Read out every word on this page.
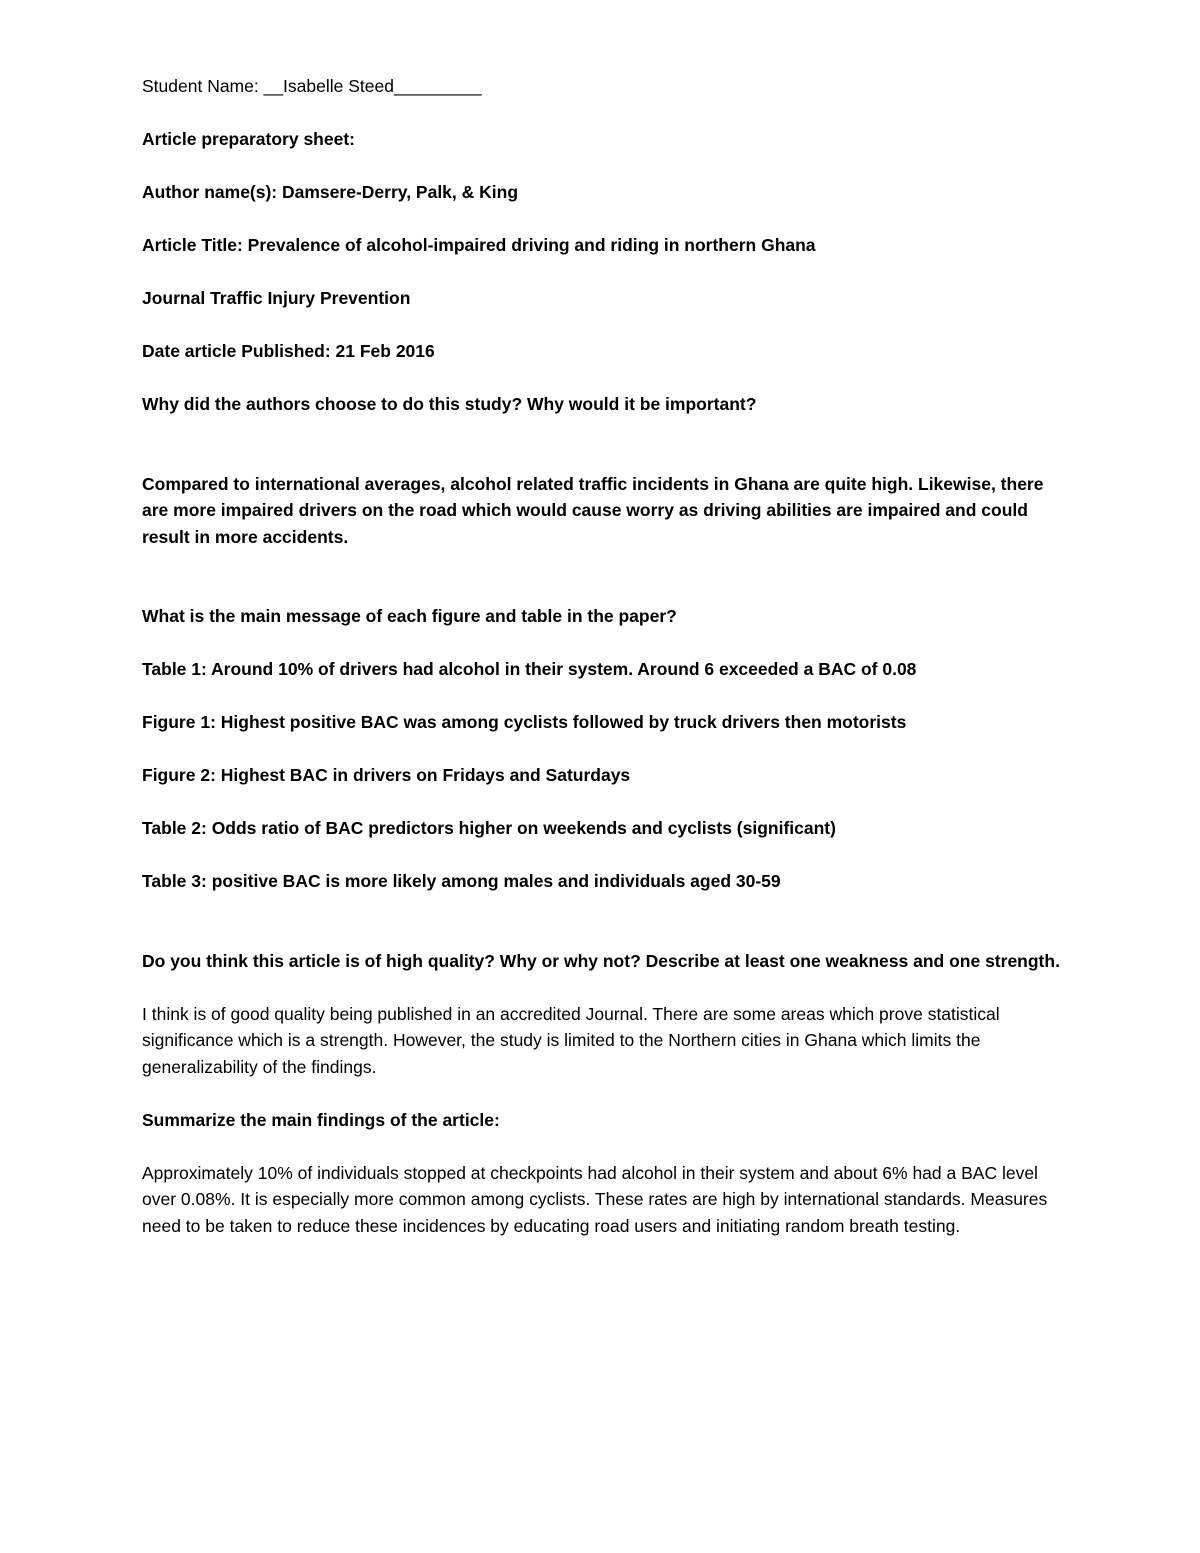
Student Name: __Isabelle Steed_________

Article preparatory sheet:

Author name(s): Damsere-Derry, Palk, & King

Article Title: Prevalence of alcohol-impaired driving and riding in northern Ghana

Journal Traffic Injury Prevention

Date article Published: 21 Feb 2016

Why did the authors choose to do this study? Why would it be important?

Compared to international averages, alcohol related traffic incidents in Ghana are quite high. Likewise, there are more impaired drivers on the road which would cause worry as driving abilities are impaired and could result in more accidents.

What is the main message of each figure and table in the paper?

Table 1: Around 10% of drivers had alcohol in their system. Around 6 exceeded a BAC of 0.08

Figure 1: Highest positive BAC was among cyclists followed by truck drivers then motorists

Figure 2: Highest BAC in drivers on Fridays and Saturdays

Table 2: Odds ratio of BAC predictors higher on weekends and cyclists (significant)

Table 3: positive BAC is more likely among males and individuals aged 30-59

Do you think this article is of high quality? Why or why not? Describe at least one weakness and one strength.

I think is of good quality being published in an accredited Journal. There are some areas which prove statistical significance which is a strength. However, the study is limited to the Northern cities in Ghana which limits the generalizability of the findings.

Summarize the main findings of the article:

Approximately 10% of individuals stopped at checkpoints had alcohol in their system and about 6% had a BAC level over 0.08%. It is especially more common among cyclists. These rates are high by international standards. Measures need to be taken to reduce these incidences by educating road users and initiating random breath testing.
